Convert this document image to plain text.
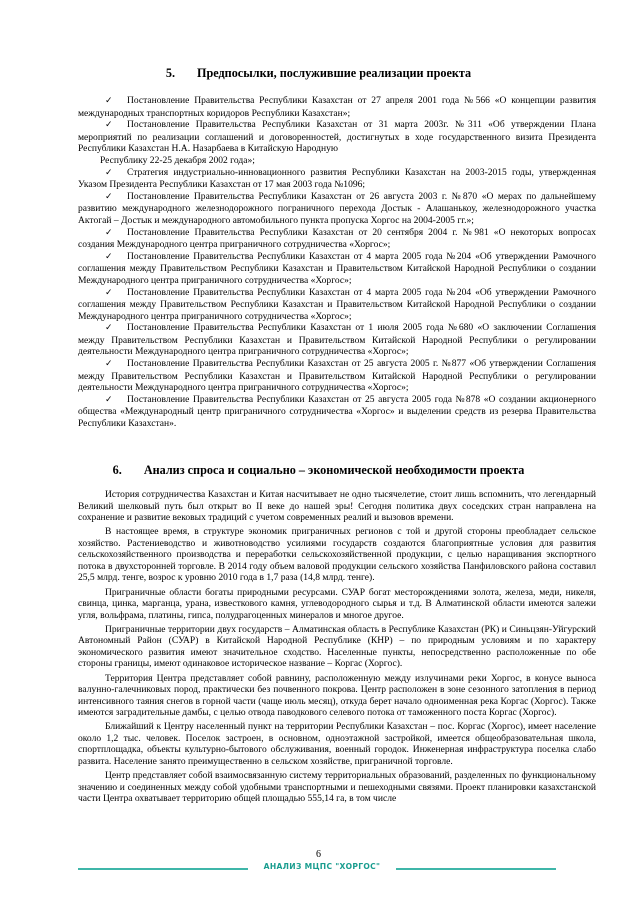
5. Предпосылки, послужившие реализации проекта

✓ Постановление Правительства Республики Казахстан от 27 апреля 2001 года №566 «О концепции развития международных транспортных коридоров Республики Казахстан»;

✓ Постановление Правительства Республики Казахстан от 31 марта 2003г. №311 «Об утверждении Плана мероприятий по реализации соглашений и договоренностей, достигнутых в ходе государственного визита Президента Республики Казахстан Н.А. Назарбаева в Китайскую Народную

Республику 22-25 декабря 2002 года»;

✓ Стратегия индустриально-инновационного развития Республики Казахстан на 2003-2015 годы, утвержденная Указом Президента Республики Казахстан от 17 мая 2003 года №1096;

✓ Постановление Правительства Республики Казахстан от 26 августа 2003 г. №870 «О мерах по дальнейшему развитию международного железнодорожного пограничного перехода Достык - Алашанькоу, железнодорожного участка Актогай – Достык и международного автомобильного пункта пропуска Хоргос на 2004-2005 гг.»;

✓ Постановление Правительства Республики Казахстан от 20 сентября 2004 г. №981 «О некоторых вопросах создания Международного центра приграничного сотрудничества «Хоргос»;

✓ Постановление Правительства Республики Казахстан от 4 марта 2005 года №204 «Об утверждении Рамочного соглашения между Правительством Республики Казахстан и Правительством Китайской Народной Республики о создании Международного центра приграничного сотрудничества «Хоргос»;

✓ Постановление Правительства Республики Казахстан от 4 марта 2005 года №204 «Об утверждении Рамочного соглашения между Правительством Республики Казахстан и Правительством Китайской Народной Республики о создании Международного центра приграничного сотрудничества «Хоргос»;

✓ Постановление Правительства Республики Казахстан от 1 июля 2005 года №680 «О заключении Соглашения между Правительством Республики Казахстан и Правительством Китайской Народной Республики о регулировании деятельности Международного центра приграничного сотрудничества «Хоргос»;

✓ Постановление Правительства Республики Казахстан от 25 августа 2005 г. №877 «Об утверждении Соглашения между Правительством Республики Казахстан и Правительством Китайской Народной Республики о регулировании деятельности Международного центра приграничного сотрудничества «Хоргос»;

✓ Постановление Правительства Республики Казахстан от 25 августа 2005 года №878 «О создании акционерного общества «Международный центр приграничного сотрудничества «Хоргос» и выделении средств из резерва Правительства Республики Казахстан».

6. Анализ спроса и социально – экономической необходимости проекта

История сотрудничества Казахстан и Китая насчитывает не одно тысячелетие, стоит лишь вспомнить, что легендарный Великий шелковый путь был открыт во II веке до нашей эры! Сегодня политика двух соседских стран направлена на сохранение и развитие вековых традиций с учетом современных реалий и вызовов времени.

В настоящее время, в структуре экономик приграничных регионов с той и другой стороны преобладает сельское хозяйство. Растениеводство и животноводство усилиями государств создаются благоприятные условия для развития сельскохозяйственного производства и переработки сельскохозяйственной продукции, с целью наращивания экспортного потока в двухсторонней торговле. В 2014 году объем валовой продукции сельского хозяйства Панфиловского района составил 25,5 млрд. тенге, возрос к уровню 2010 года в 1,7 раза (14,8 млрд. тенге).

Приграничные области богаты природными ресурсами. СУАР богат месторождениями золота, железа, меди, никеля, свинца, цинка, марганца, урана, известкового камня, углеводородного сырья и т.д. В Алматинской области имеются залежи угля, вольфрама, платины, гипса, полудрагоценных минералов и многое другое.

Приграничные территории двух государств – Алматинская область в Республике Казахстан (РК) и Синьцзян-Уйгурский Автономный Район (СУАР) в Китайской Народной Республике (КНР) – по природным условиям и по характеру экономического развития имеют значительное сходство. Населенные пункты, непосредственно расположенные по обе стороны границы, имеют одинаковое историческое название – Коргас (Хоргос).

Территория Центра представляет собой равнину, расположенную между излучинами реки Хоргос, в конусе выноса валунно-галечниковых пород, практически без почвенного покрова. Центр расположен в зоне сезонного затопления в период интенсивного таяния снегов в горной части (чаще июль месяц), откуда берет начало одноименная река Коргас (Хоргос). Также имеются заградительные дамбы, с целью отвода паводкового селевого потока от таможенного поста Коргас (Хоргос).

Ближайший к Центру населенный пункт на территории Республики Казахстан – пос. Коргас (Хоргос), имеет население около 1,2 тыс. человек. Поселок застроен, в основном, одноэтажной застройкой, имеется общеобразовательная школа, спортплощадка, объекты культурно-бытового обслуживания, военный городок. Инженерная инфраструктура поселка слабо развита. Население занято преимущественно в сельском хозяйстве, приграничной торговле.

Центр представляет собой взаимосвязанную систему территориальных образований, разделенных по функциональному значению и соединенных между собой удобными транспортными и пешеходными связями. Проект планировки казахстанской части Центра охватывает территорию общей площадью 555,14 га, в том числе

6
АНАЛИЗ МЦПС "ХОРГОС"
